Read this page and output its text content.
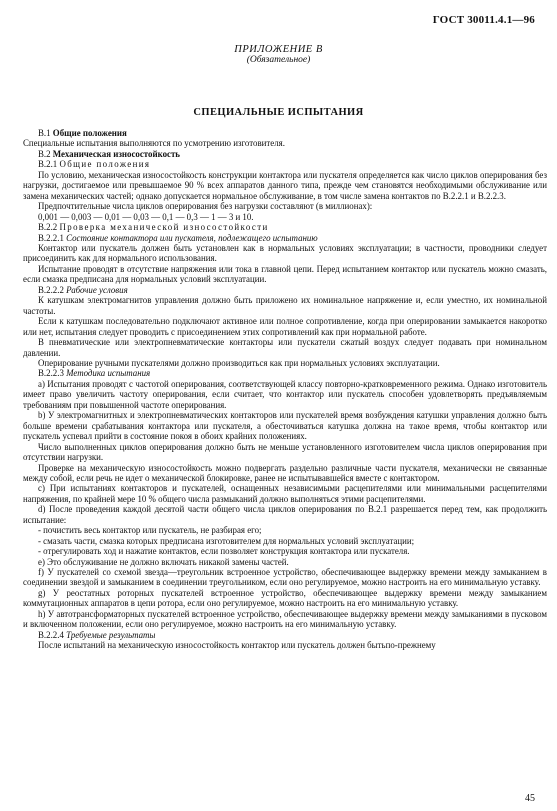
ГОСТ 30011.4.1—96
ПРИЛОЖЕНИЕ В
(Обязательное)
СПЕЦИАЛЬНЫЕ ИСПЫТАНИЯ

В.1 Общие положения

Специальные испытания выполняются по усмотрению изготовителя.

В.2 Механическая износостойкость

В.2.1 Общие положения

По условию, механическая износостойкость конструкции контактора или пускателя определяется как число циклов оперирования без нагрузки, достигаемое или превышаемое 90 % всех аппаратов данного типа, прежде чем становятся необходимыми обслуживание или замена механических частей; однако допускается нормальное обслуживание, в том числе замена контактов по В.2.2.1 и В.2.2.3.

Предпочтительные числа циклов оперирования без нагрузки составляют (в миллионах):

0,001 — 0,003 — 0,01 — 0,03 — 0,1 — 0,3 — 1 — 3 и 10.

В.2.2 Проверка механической износостойкости

В.2.2.1 Состояние контактора или пускателя, подлежащего испытанию

Контактор или пускатель должен быть установлен как в нормальных условиях эксплуатации; в частности, проводники следует присоединить как для нормального использования.

Испытание проводят в отсутствие напряжения или тока в главной цепи. Перед испытанием контактор или пускатель можно смазать, если смазка предписана для нормальных условий эксплуатации.

В.2.2.2 Рабочие условия

К катушкам электромагнитов управления должно быть приложено их номинальное напряжение и, если уместно, их номинальной частоты.

Если к катушкам последовательно подключают активное или полное сопротивление, когда при оперировании замыкается накоротко или нет, испытания следует проводить с присоединением этих сопротивлений как при нормальной работе.

В пневматические или электропневматические контакторы или пускатели сжатый воздух следует подавать при номинальном давлении.

Оперирование ручными пускателями должно производиться как при нормальных условиях эксплуатации.

В.2.2.3 Методика испытания

а) Испытания проводят с частотой оперирования, соответствующей классу повторно-кратковременного режима. Однако изготовитель имеет право увеличить частоту оперирования, если считает, что контактор или пускатель способен удовлетворять предъявляемым требованиям при повышенной частоте оперирования.

b) У электромагнитных и электропневматических контакторов или пускателей время возбуждения катушки управления должно быть больше времени срабатывания контактора или пускателя, а обесточиваться катушка должна на такое время, чтобы контактор или пускатель успевал прийти в состояние покоя в обоих крайних положениях.

Число выполненных циклов оперирования должно быть не меньше установленного изготовителем числа циклов оперирования при отсутствии нагрузки.

Проверке на механическую износостойкость можно подвергать раздельно различные части пускателя, механически не связанные между собой, если речь не идет о механической блокировке, ранее не испытывавшейся вместе с контактором.

с) При испытаниях контакторов и пускателей, оснащенных независимыми расцепителями или минимальными расцепителями напряжения, по крайней мере 10 % общего числа размыканий должно выполняться этими расцепителями.

d) После проведения каждой десятой части общего числа циклов оперирования по В.2.1 разрешается перед тем, как продолжить испытание:

- почистить весь контактор или пускатель, не разбирая его;

- смазать части, смазка которых предписана изготовителем для нормальных условий эксплуатации;

- отрегулировать ход и нажатие контактов, если позволяет конструкция контактора или пускателя.

е) Это обслуживание не должно включать никакой замены частей.

f) У пускателей со схемой звезда—треугольник встроенное устройство, обеспечивающее выдержку времени между замыканием в соединении звездой и замыканием в соединении треугольником, если оно регулируемое, можно настроить на его минимальную уставку.

g) У реостатных роторных пускателей встроенное устройство, обеспечивающее выдержку времени между замыканием коммутационных аппаратов в цепи ротора, если оно регулируемое, можно настроить на его минимальную уставку.

h) У автотрансформаторных пускателей встроенное устройство, обеспечивающее выдержку времени между замыканиями в пусковом и включенном положении, если оно регулируемое, можно настроить на его минимальную уставку.

В.2.2.4 Требуемые результаты

После испытаний на механическую износостойкость контактор или пускатель должен бытьпо-прежнему

45
